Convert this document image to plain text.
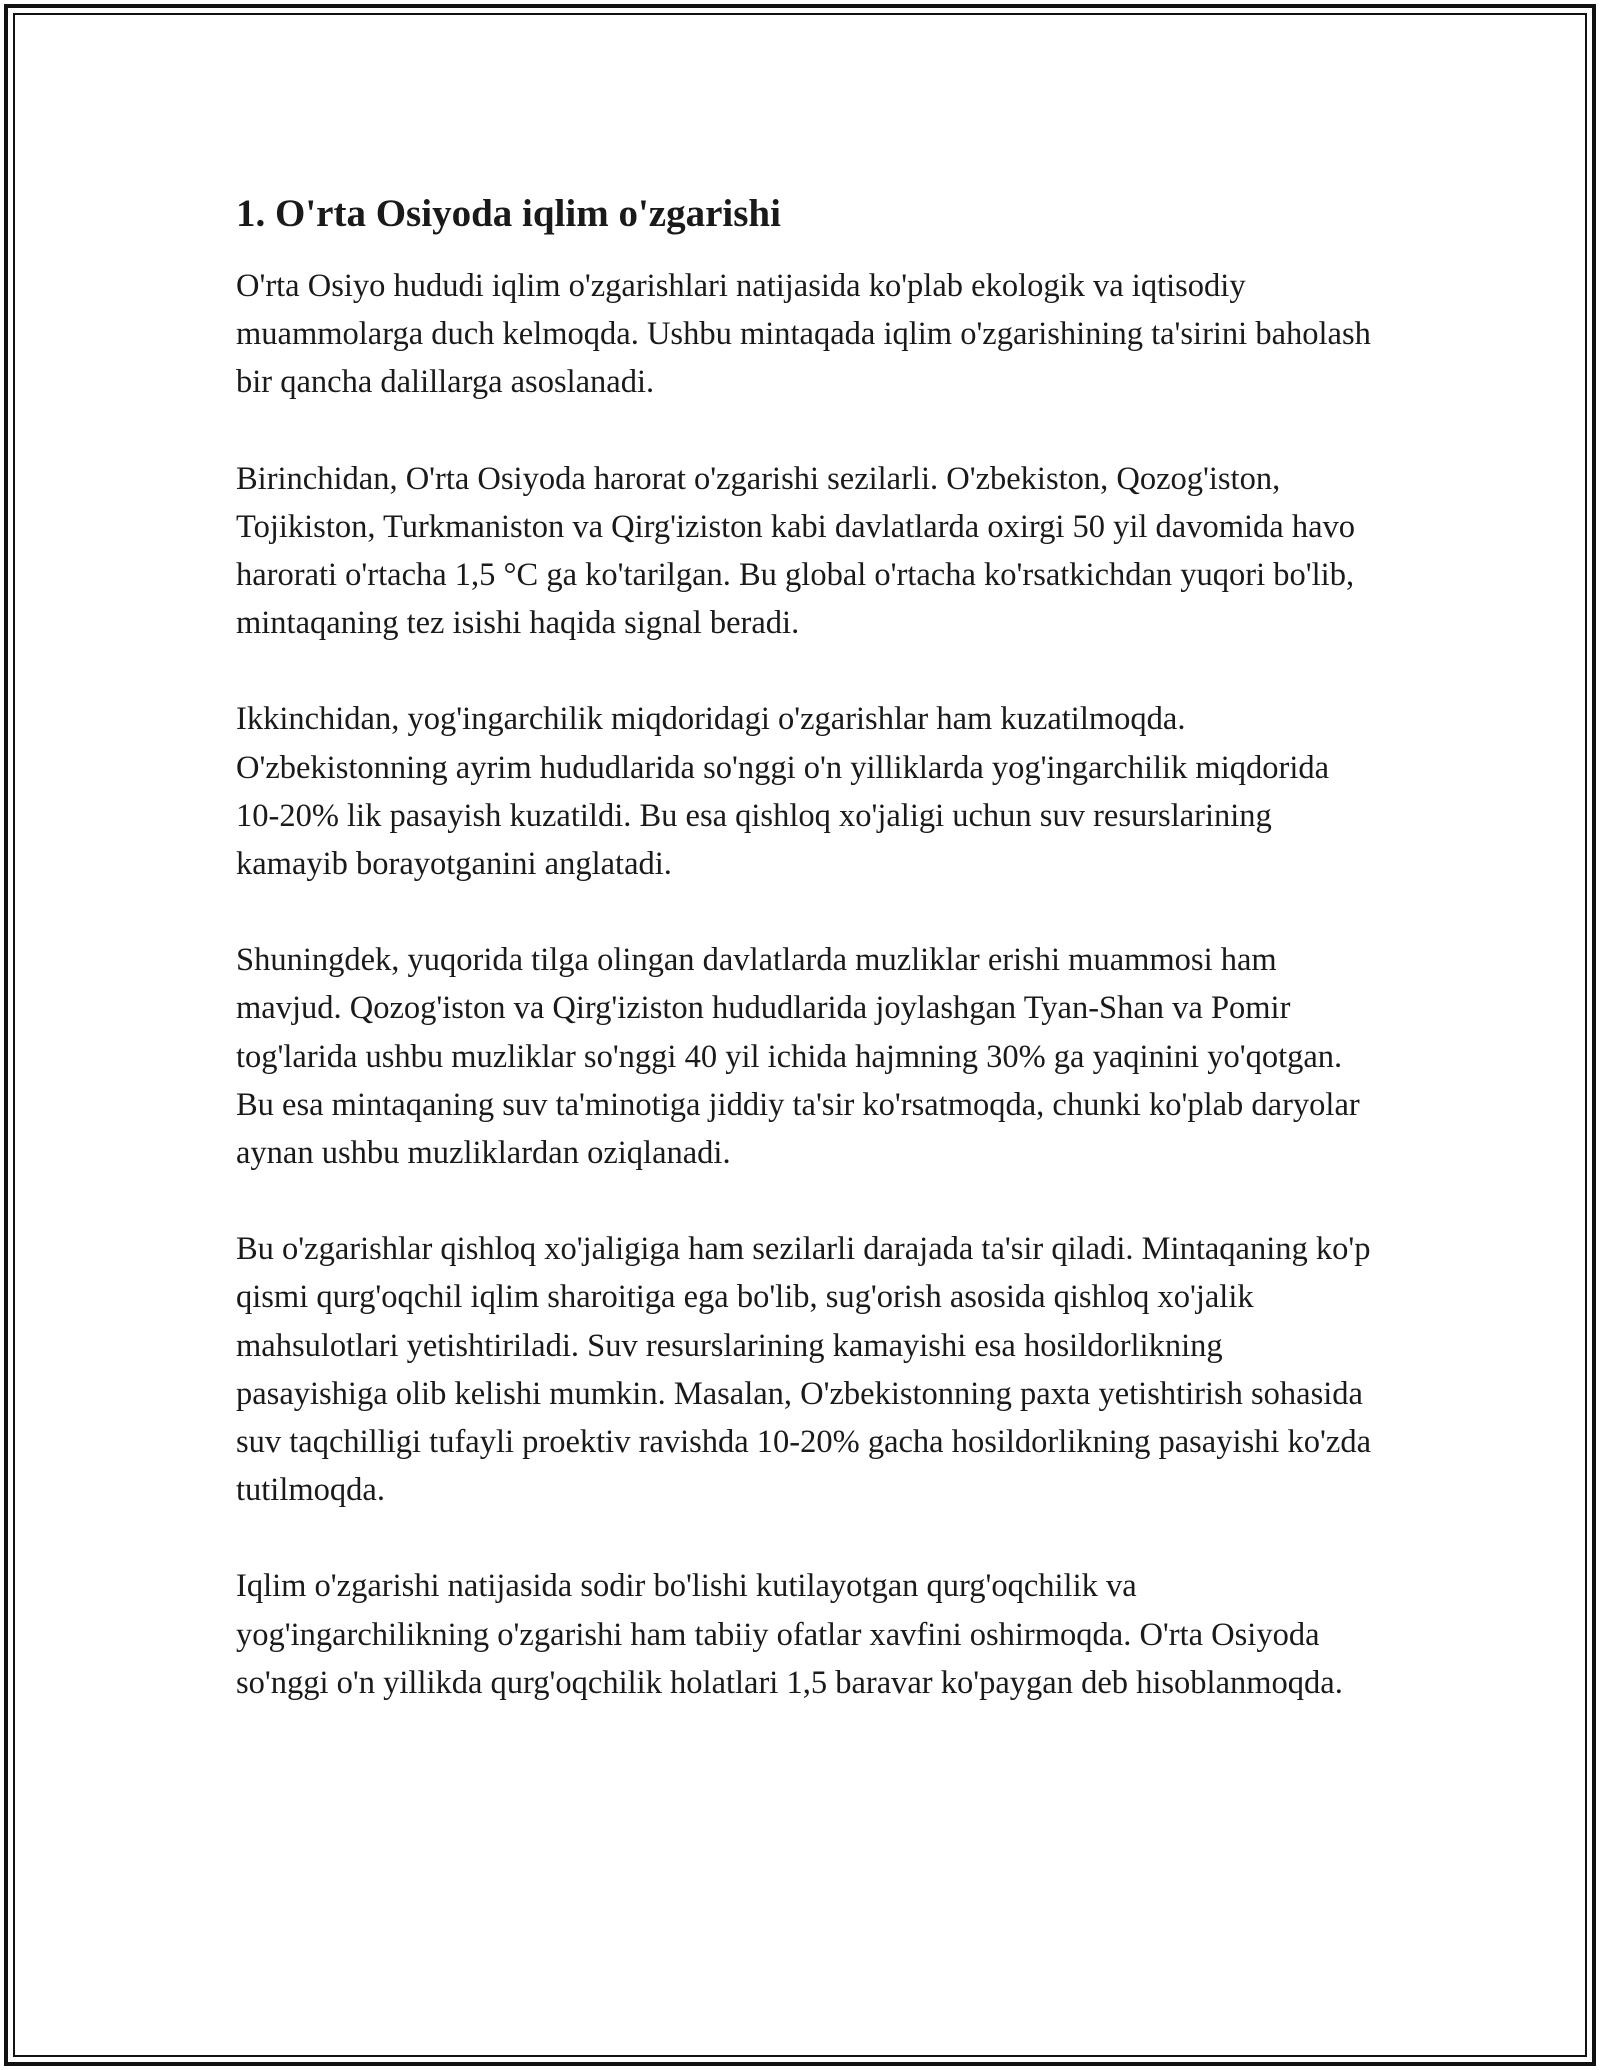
1. O'rta Osiyoda iqlim o'zgarishi

O'rta Osiyo hududi iqlim o'zgarishlari natijasida ko'plab ekologik va iqtisodiy muammolarga duch kelmoqda. Ushbu mintaqada iqlim o'zgarishining ta'sirini baholash bir qancha dalillarga asoslanadi.

Birinchidan, O'rta Osiyoda harorat o'zgarishi sezilarli. O'zbekiston, Qozog'iston, Tojikiston, Turkmaniston va Qirg'iziston kabi davlatlarda oxirgi 50 yil davomida havo harorati o'rtacha 1,5 °C ga ko'tarilgan. Bu global o'rtacha ko'rsatkichdan yuqori bo'lib, mintaqaning tez isishi haqida signal beradi.

Ikkinchidan, yog'ingarchilik miqdoridagi o'zgarishlar ham kuzatilmoqda. O'zbekistonning ayrim hududlarida so'nggi o'n yilliklarda yog'ingarchilik miqdorida 10-20% lik pasayish kuzatildi. Bu esa qishloq xo'jaligi uchun suv resurslarining kamayib borayotganini anglatadi.

Shuningdek, yuqorida tilga olingan davlatlarda muzliklar erishi muammosi ham mavjud. Qozog'iston va Qirg'iziston hududlarida joylashgan Tyan-Shan va Pomir tog'larida ushbu muzliklar so'nggi 40 yil ichida hajmning 30% ga yaqinini yo'qotgan. Bu esa mintaqaning suv ta'minotiga jiddiy ta'sir ko'rsatmoqda, chunki ko'plab daryolar aynan ushbu muzliklardan oziqlanadi.

Bu o'zgarishlar qishloq xo'jaligiga ham sezilarli darajada ta'sir qiladi. Mintaqaning ko'p qismi qurg'oqchil iqlim sharoitiga ega bo'lib, sug'orish asosida qishloq xo'jalik mahsulotlari yetishtiriladi. Suv resurslarining kamayishi esa hosildorlikning pasayishiga olib kelishi mumkin. Masalan, O'zbekistonning paxta yetishtirish sohasida suv taqchilligi tufayli proektiv ravishda 10-20% gacha hosildorlikning pasayishi ko'zda tutilmoqda.

Iqlim o'zgarishi natijasida sodir bo'lishi kutilayotgan qurg'oqchilik va yog'ingarchilikning o'zgarishi ham tabiiy ofatlar xavfini oshirmoqda. O'rta Osiyoda so'nggi o'n yillikda qurg'oqchilik holatlari 1,5 baravar ko'paygan deb hisoblanmoqda.
